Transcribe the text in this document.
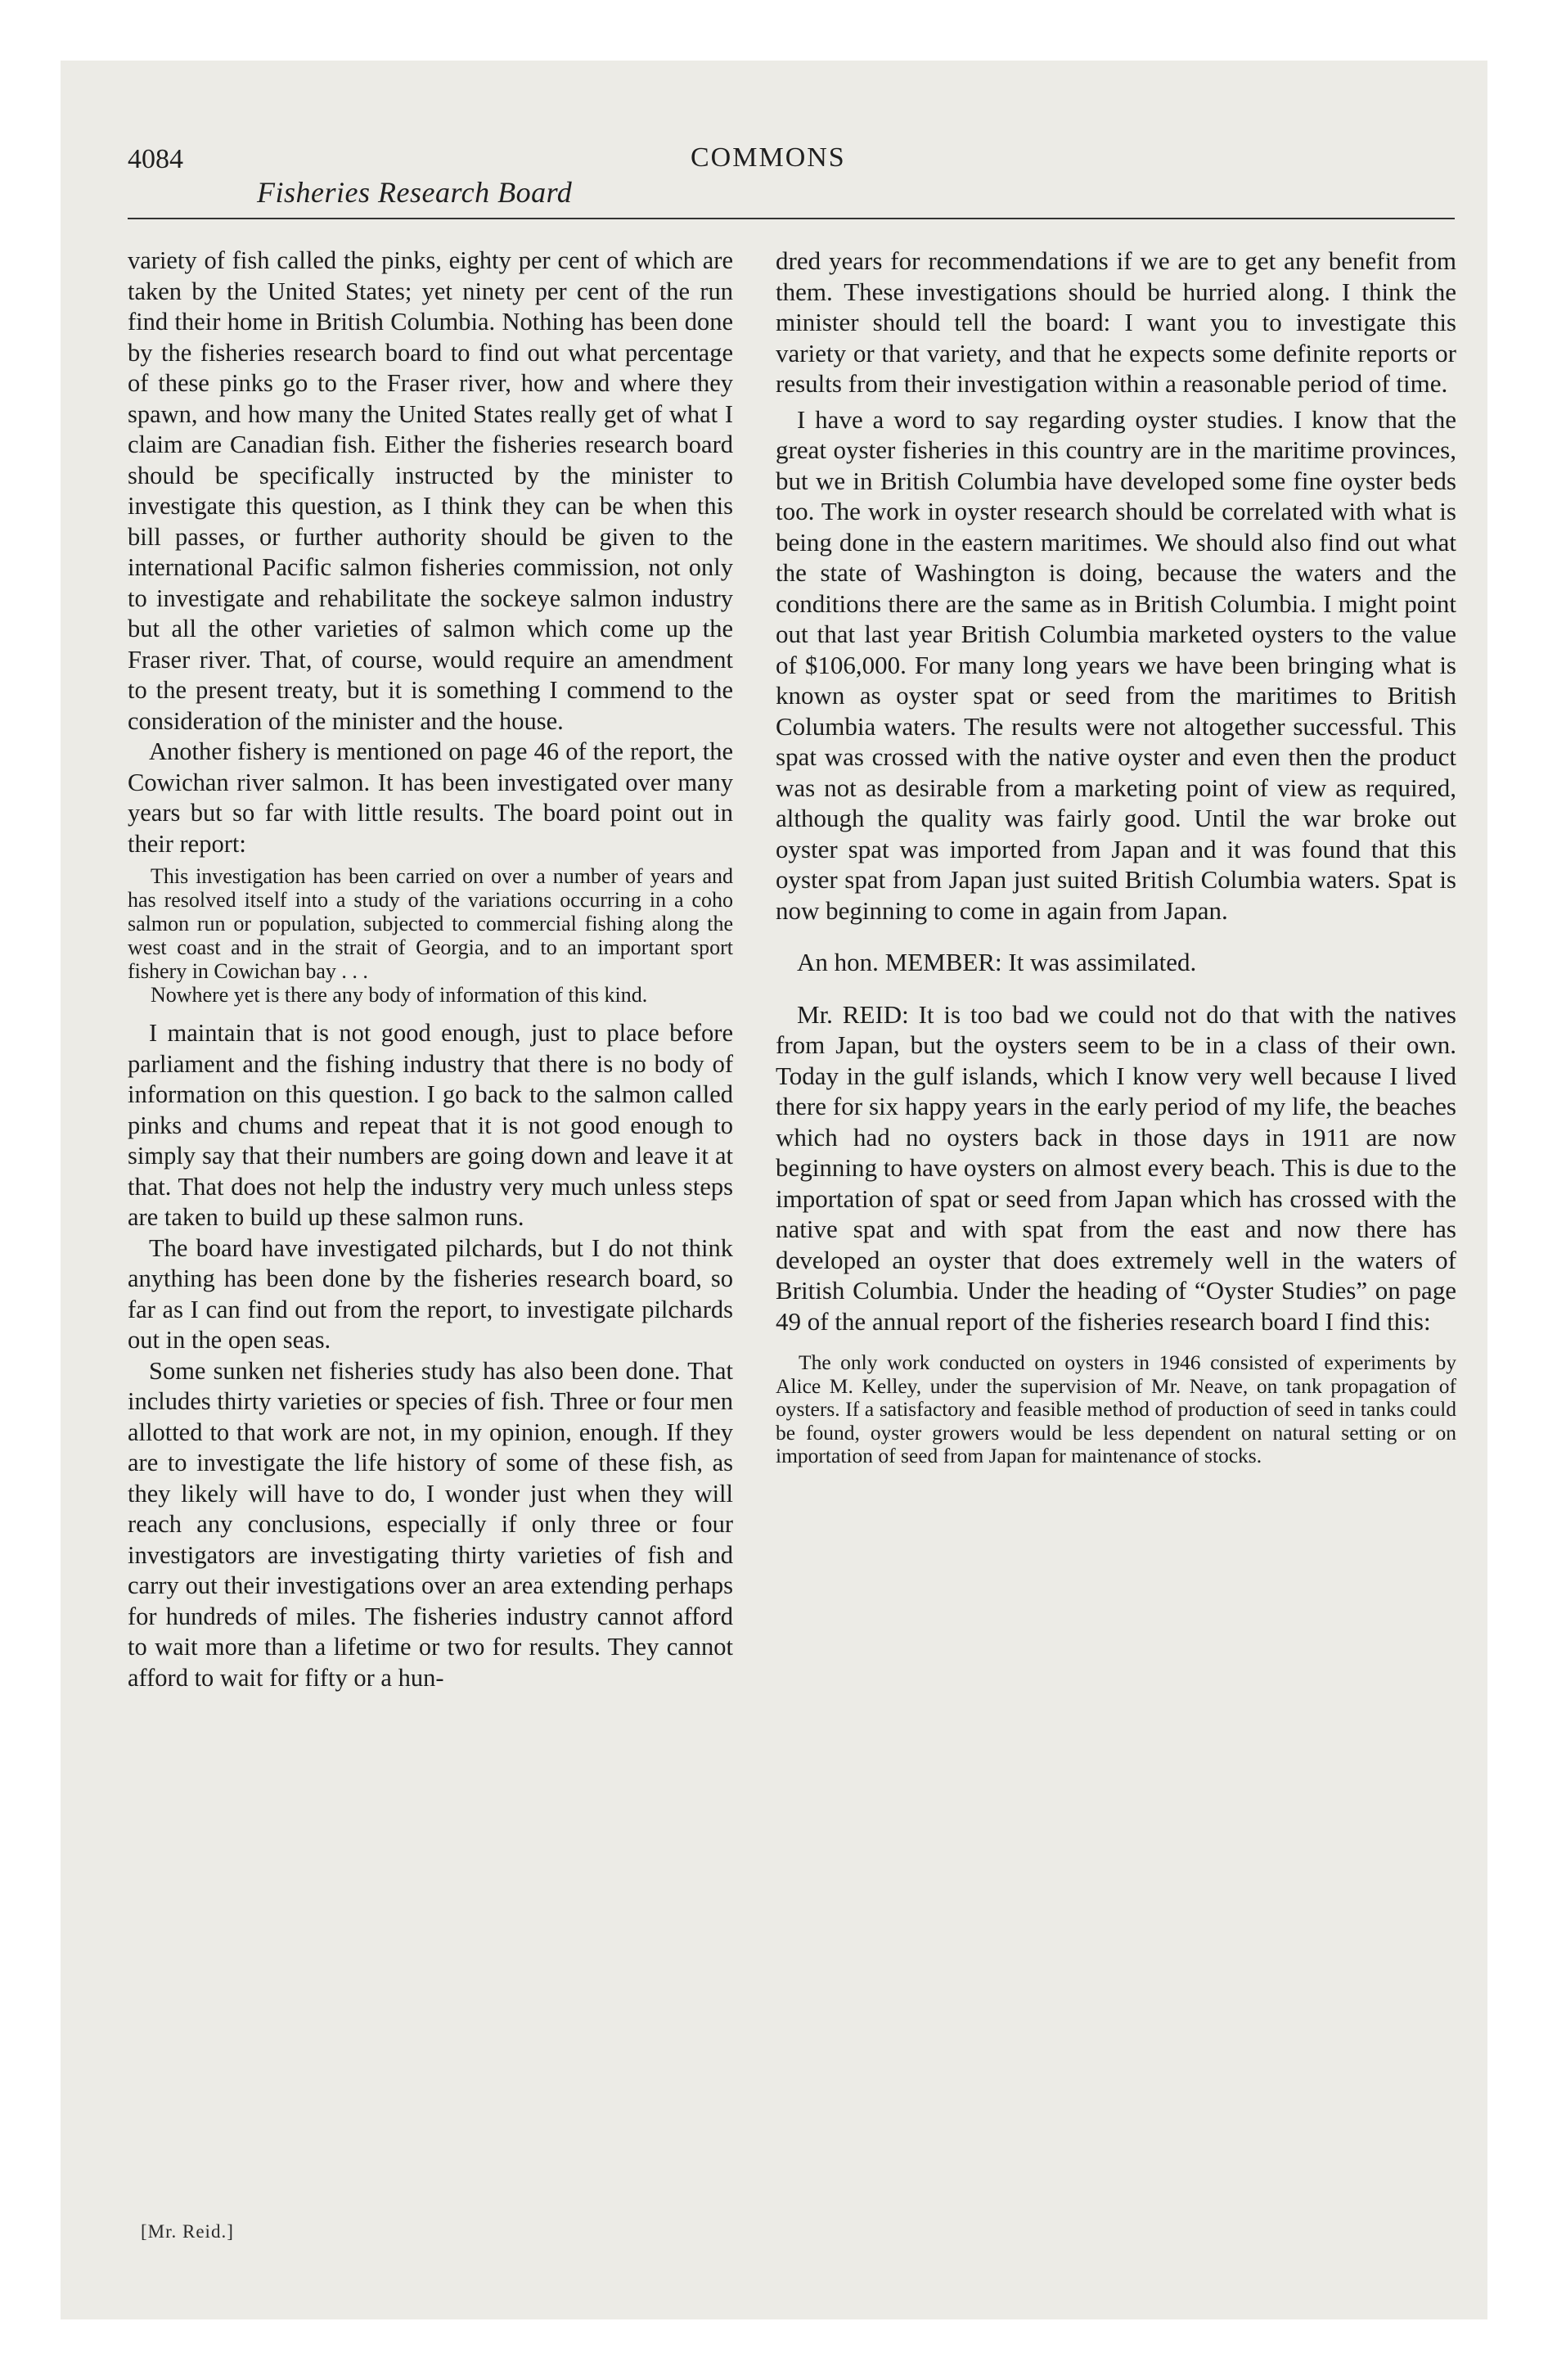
4084
Fisheries Research Board
COMMONS

variety of fish called the pinks, eighty per cent of which are taken by the United States; yet ninety per cent of the run find their home in British Columbia. Nothing has been done by the fisheries research board to find out what percentage of these pinks go to the Fraser river, how and where they spawn, and how many the United States really get of what I claim are Canadian fish. Either the fisheries research board should be specifically instructed by the minister to investigate this question, as I think they can be when this bill passes, or further authority should be given to the international Pacific salmon fisheries commission, not only to investigate and rehabilitate the sockeye salmon industry but all the other varieties of salmon which come up the Fraser river. That, of course, would require an amendment to the present treaty, but it is something I commend to the consideration of the minister and the house.

Another fishery is mentioned on page 46 of the report, the Cowichan river salmon. It has been investigated over many years but so far with little results. The board point out in their report:

This investigation has been carried on over a number of years and has resolved itself into a study of the variations occurring in a coho salmon run or population, subjected to commercial fishing along the west coast and in the strait of Georgia, and to an important sport fishery in Cowichan bay . . .

Nowhere yet is there any body of information of this kind.

I maintain that is not good enough, just to place before parliament and the fishing industry that there is no body of information on this question. I go back to the salmon called pinks and chums and repeat that it is not good enough to simply say that their numbers are going down and leave it at that. That does not help the industry very much unless steps are taken to build up these salmon runs.

The board have investigated pilchards, but I do not think anything has been done by the fisheries research board, so far as I can find out from the report, to investigate pilchards out in the open seas.

Some sunken net fisheries study has also been done. That includes thirty varieties or species of fish. Three or four men allotted to that work are not, in my opinion, enough. If they are to investigate the life history of some of these fish, as they likely will have to do, I wonder just when they will reach any conclusions, especially if only three or four investigators are investigating thirty varieties of fish and carry out their investigations over an area extending perhaps for hundreds of miles. The fisheries industry cannot afford to wait more than a lifetime or two for results. They cannot afford to wait for fifty or a hun-

dred years for recommendations if we are to get any benefit from them. These investigations should be hurried along. I think the minister should tell the board: I want you to investigate this variety or that variety, and that he expects some definite reports or results from their investigation within a reasonable period of time.

I have a word to say regarding oyster studies. I know that the great oyster fisheries in this country are in the maritime provinces, but we in British Columbia have developed some fine oyster beds too. The work in oyster research should be correlated with what is being done in the eastern maritimes. We should also find out what the state of Washington is doing, because the waters and the conditions there are the same as in British Columbia. I might point out that last year British Columbia marketed oysters to the value of $106,000. For many long years we have been bringing what is known as oyster spat or seed from the maritimes to British Columbia waters. The results were not altogether successful. This spat was crossed with the native oyster and even then the product was not as desirable from a marketing point of view as required, although the quality was fairly good. Until the war broke out oyster spat was imported from Japan and it was found that this oyster spat from Japan just suited British Columbia waters. Spat is now beginning to come in again from Japan.

An hon. MEMBER: It was assimilated.

Mr. REID: It is too bad we could not do that with the natives from Japan, but the oysters seem to be in a class of their own. Today in the gulf islands, which I know very well because I lived there for six happy years in the early period of my life, the beaches which had no oysters back in those days in 1911 are now beginning to have oysters on almost every beach. This is due to the importation of spat or seed from Japan which has crossed with the native spat and with spat from the east and now there has developed an oyster that does extremely well in the waters of British Columbia. Under the heading of “Oyster Studies” on page 49 of the annual report of the fisheries research board I find this:

The only work conducted on oysters in 1946 consisted of experiments by Alice M. Kelley, under the supervision of Mr. Neave, on tank propagation of oysters. If a satisfactory and feasible method of production of seed in tanks could be found, oyster growers would be less dependent on natural setting or on importation of seed from Japan for maintenance of stocks.

[Mr. Reid.]
